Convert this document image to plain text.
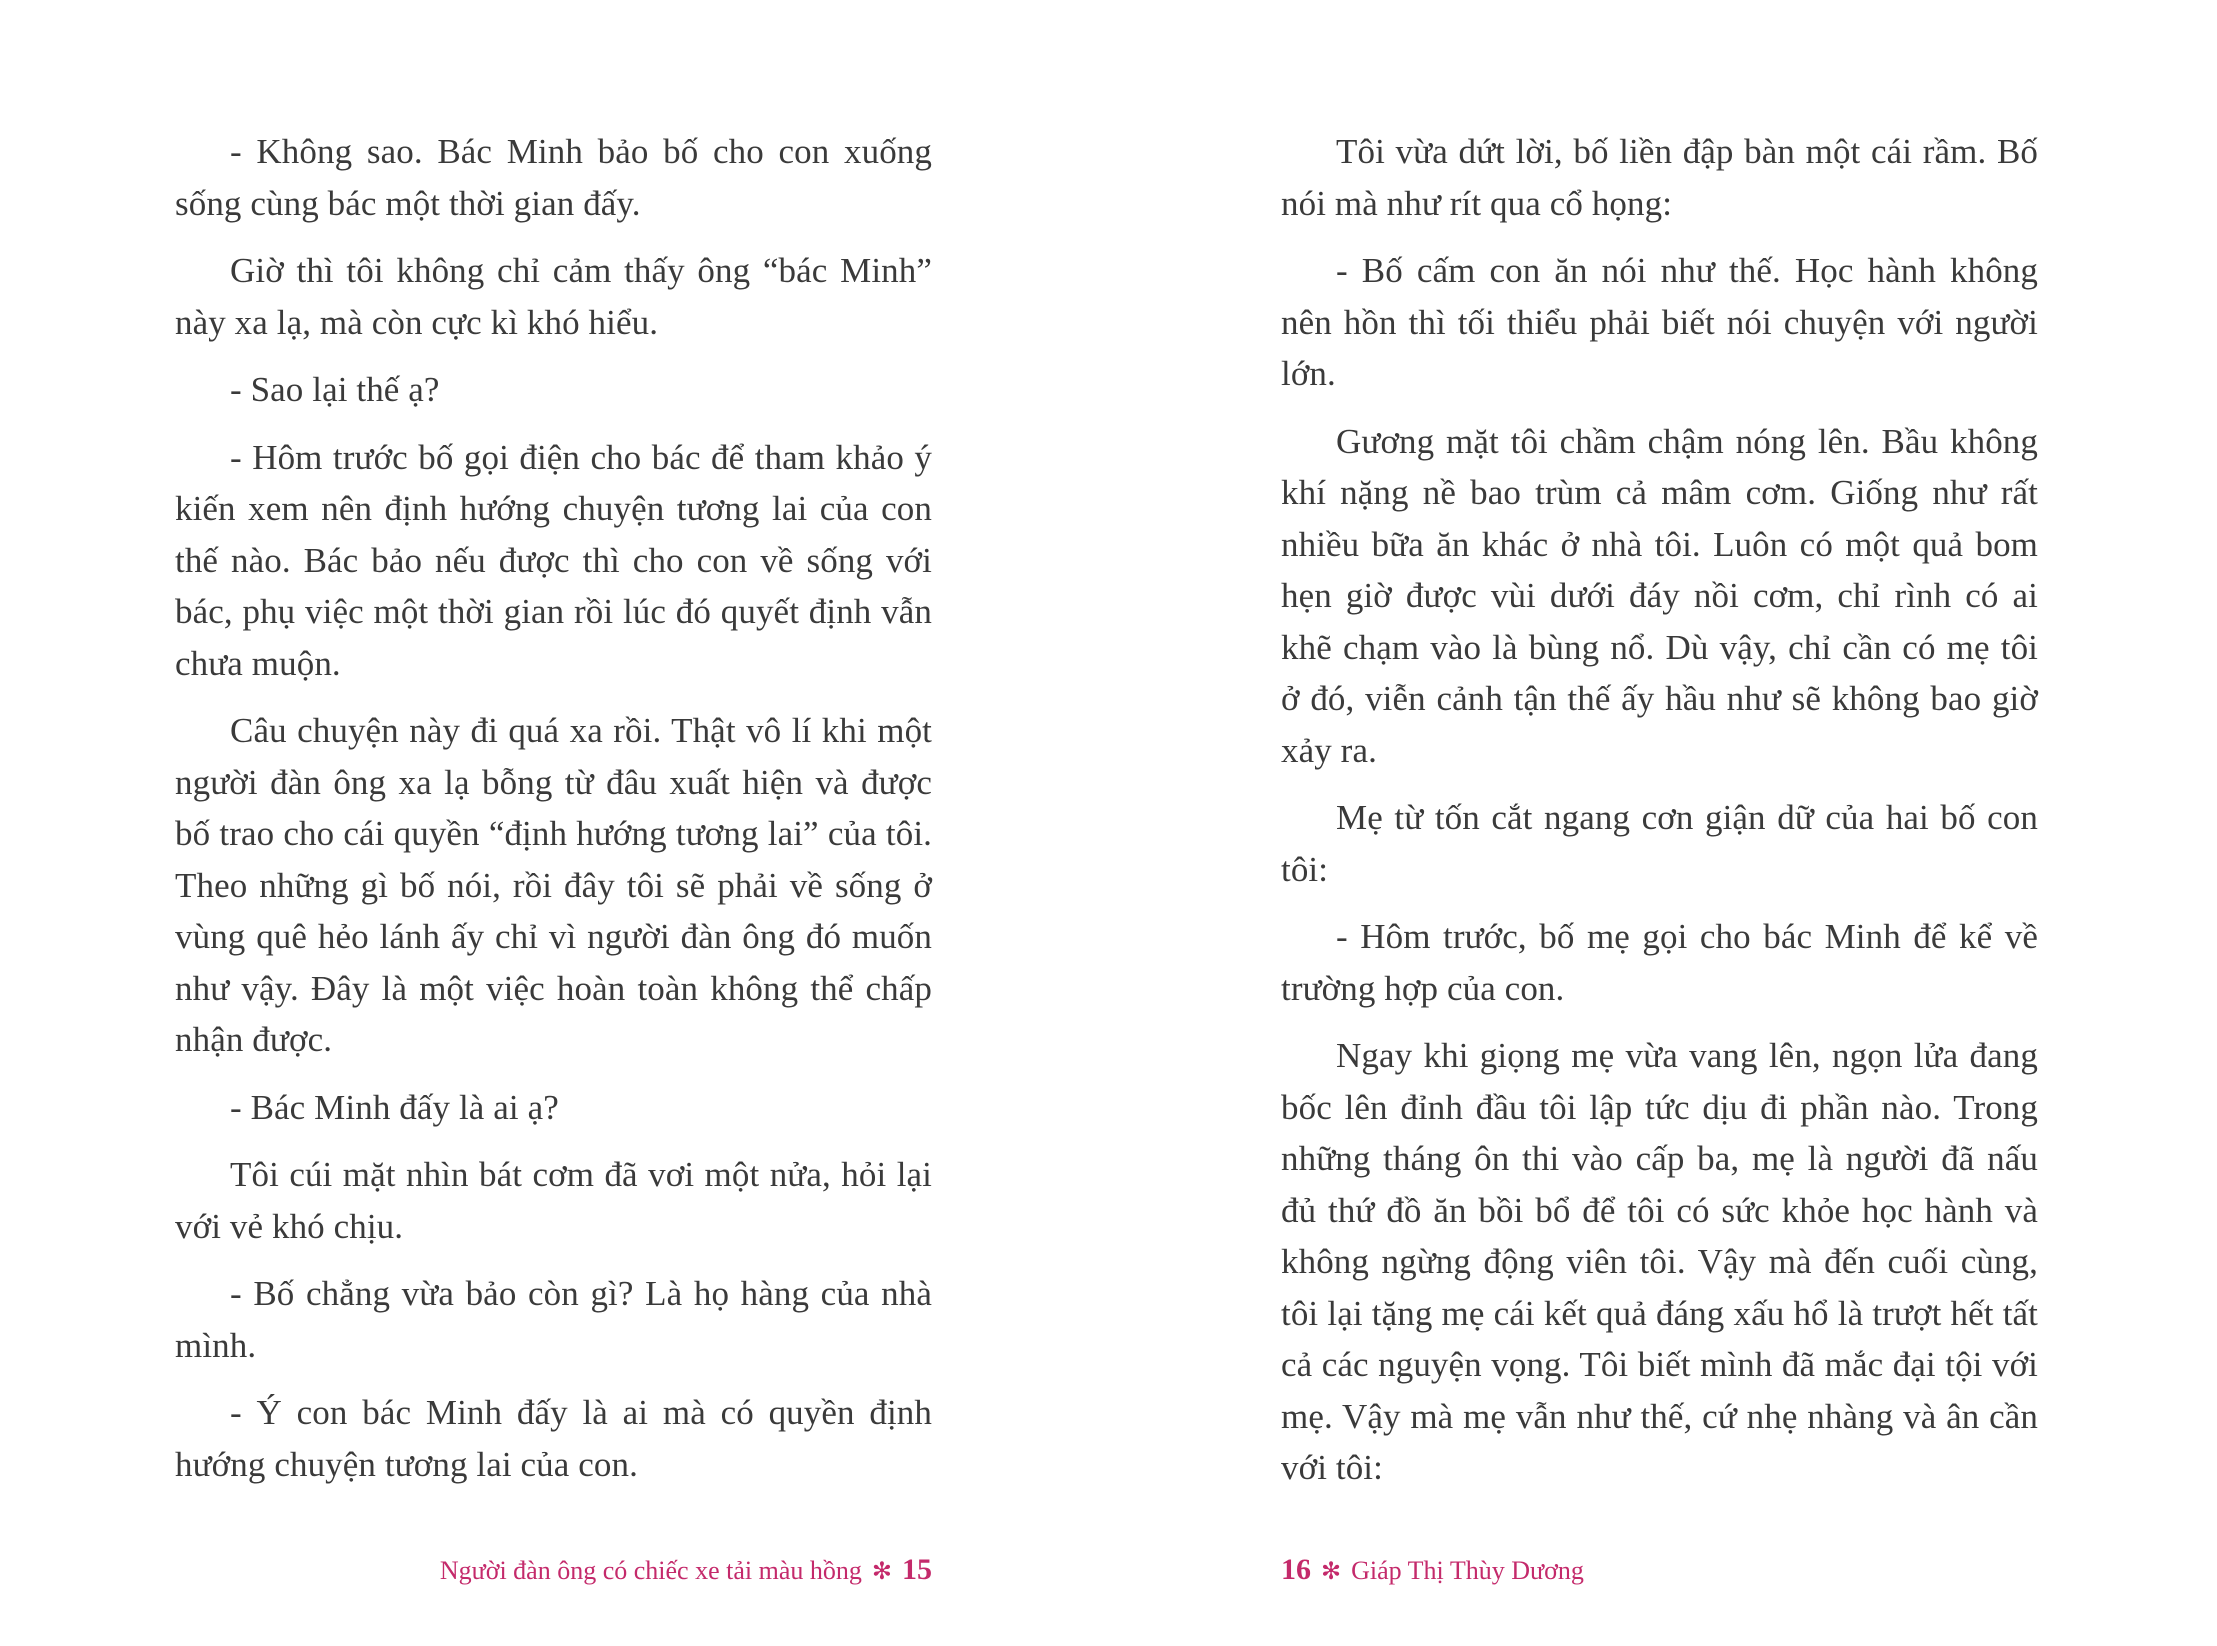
- Không sao. Bác Minh bảo bố cho con xuống sống cùng bác một thời gian đấy.

Giờ thì tôi không chỉ cảm thấy ông “bác Minh” này xa lạ, mà còn cực kì khó hiểu.

- Sao lại thế ạ?

- Hôm trước bố gọi điện cho bác để tham khảo ý kiến xem nên định hướng chuyện tương lai của con thế nào. Bác bảo nếu được thì cho con về sống với bác, phụ việc một thời gian rồi lúc đó quyết định vẫn chưa muộn.

Câu chuyện này đi quá xa rồi. Thật vô lí khi một người đàn ông xa lạ bỗng từ đâu xuất hiện và được bố trao cho cái quyền “định hướng tương lai” của tôi. Theo những gì bố nói, rồi đây tôi sẽ phải về sống ở vùng quê hẻo lánh ấy chỉ vì người đàn ông đó muốn như vậy. Đây là một việc hoàn toàn không thể chấp nhận được.

- Bác Minh đấy là ai ạ?

Tôi cúi mặt nhìn bát cơm đã vơi một nửa, hỏi lại với vẻ khó chịu.

- Bố chẳng vừa bảo còn gì? Là họ hàng của nhà mình.

- Ý con bác Minh đấy là ai mà có quyền định hướng chuyện tương lai của con.

Người đàn ông có chiếc xe tải màu hồng ✻ 15

Tôi vừa dứt lời, bố liền đập bàn một cái rầm. Bố nói mà như rít qua cổ họng:

- Bố cấm con ăn nói như thế. Học hành không nên hồn thì tối thiểu phải biết nói chuyện với người lớn.

Gương mặt tôi chầm chậm nóng lên. Bầu không khí nặng nề bao trùm cả mâm cơm. Giống như rất nhiều bữa ăn khác ở nhà tôi. Luôn có một quả bom hẹn giờ được vùi dưới đáy nồi cơm, chỉ rình có ai khẽ chạm vào là bùng nổ. Dù vậy, chỉ cần có mẹ tôi ở đó, viễn cảnh tận thế ấy hầu như sẽ không bao giờ xảy ra.

Mẹ từ tốn cắt ngang cơn giận dữ của hai bố con tôi:

- Hôm trước, bố mẹ gọi cho bác Minh để kể về trường hợp của con.

Ngay khi giọng mẹ vừa vang lên, ngọn lửa đang bốc lên đỉnh đầu tôi lập tức dịu đi phần nào. Trong những tháng ôn thi vào cấp ba, mẹ là người đã nấu đủ thứ đồ ăn bồi bổ để tôi có sức khỏe học hành và không ngừng động viên tôi. Vậy mà đến cuối cùng, tôi lại tặng mẹ cái kết quả đáng xấu hổ là trượt hết tất cả các nguyện vọng. Tôi biết mình đã mắc đại tội với mẹ. Vậy mà mẹ vẫn như thế, cứ nhẹ nhàng và ân cần với tôi:

16 ✻ Giáp Thị Thùy Dương
